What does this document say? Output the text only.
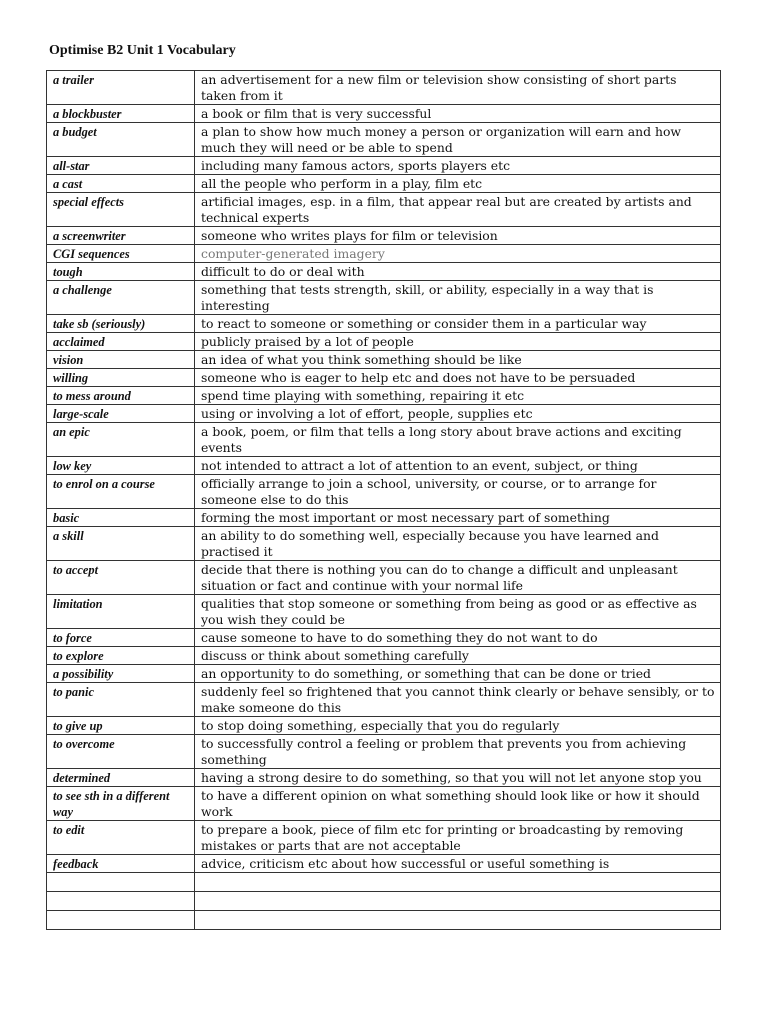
Optimise B2 Unit 1 Vocabulary
a trailer	an advertisement for a new film or television show consisting of short parts taken from it
a blockbuster	a book or film that is very successful
a budget	a plan to show how much money a person or organization will earn and how much they will need or be able to spend
all-star	including many famous actors, sports players etc
a cast	all the people who perform in a play, film etc
special effects	artificial images, esp. in a film, that appear real but are created by artists and technical experts
a screenwriter	someone who writes plays for film or television
CGI sequences	computer-generated imagery
tough	difficult to do or deal with
a challenge	something that tests strength, skill, or ability, especially in a way that is interesting
take sb (seriously)	to react to someone or something or consider them in a particular way
acclaimed	publicly praised by a lot of people
vision	an idea of what you think something should be like
willing	someone who is eager to help etc and does not have to be persuaded
to mess around	spend time playing with something, repairing it etc
large-scale	using or involving a lot of effort, people, supplies etc
an epic	a book, poem, or film that tells a long story about brave actions and exciting events
low key	not intended to attract a lot of attention to an event, subject, or thing
to enrol on a course	officially arrange to join a school, university, or course, or to arrange for someone else to do this
basic	forming the most important or most necessary part of something
a skill	an ability to do something well, especially because you have learned and practised it
to accept	decide that there is nothing you can do to change a difficult and unpleasant situation or fact and continue with your normal life
limitation	qualities that stop someone or something from being as good or as effective as you wish they could be
to force	cause someone to have to do something they do not want to do
to explore	discuss or think about something carefully
a possibility	an opportunity to do something, or something that can be done or tried
to panic	suddenly feel so frightened that you cannot think clearly or behave sensibly, or to make someone do this
to give up	to stop doing something, especially that you do regularly
to overcome	to successfully control a feeling or problem that prevents you from achieving something
determined	having a strong desire to do something, so that you will not let anyone stop you
to see sth in a different way	to have a different opinion on what something should look like or how it should work
to edit	to prepare a book, piece of film etc for printing or broadcasting by removing mistakes or parts that are not acceptable
feedback	advice, criticism etc about how successful or useful something is
